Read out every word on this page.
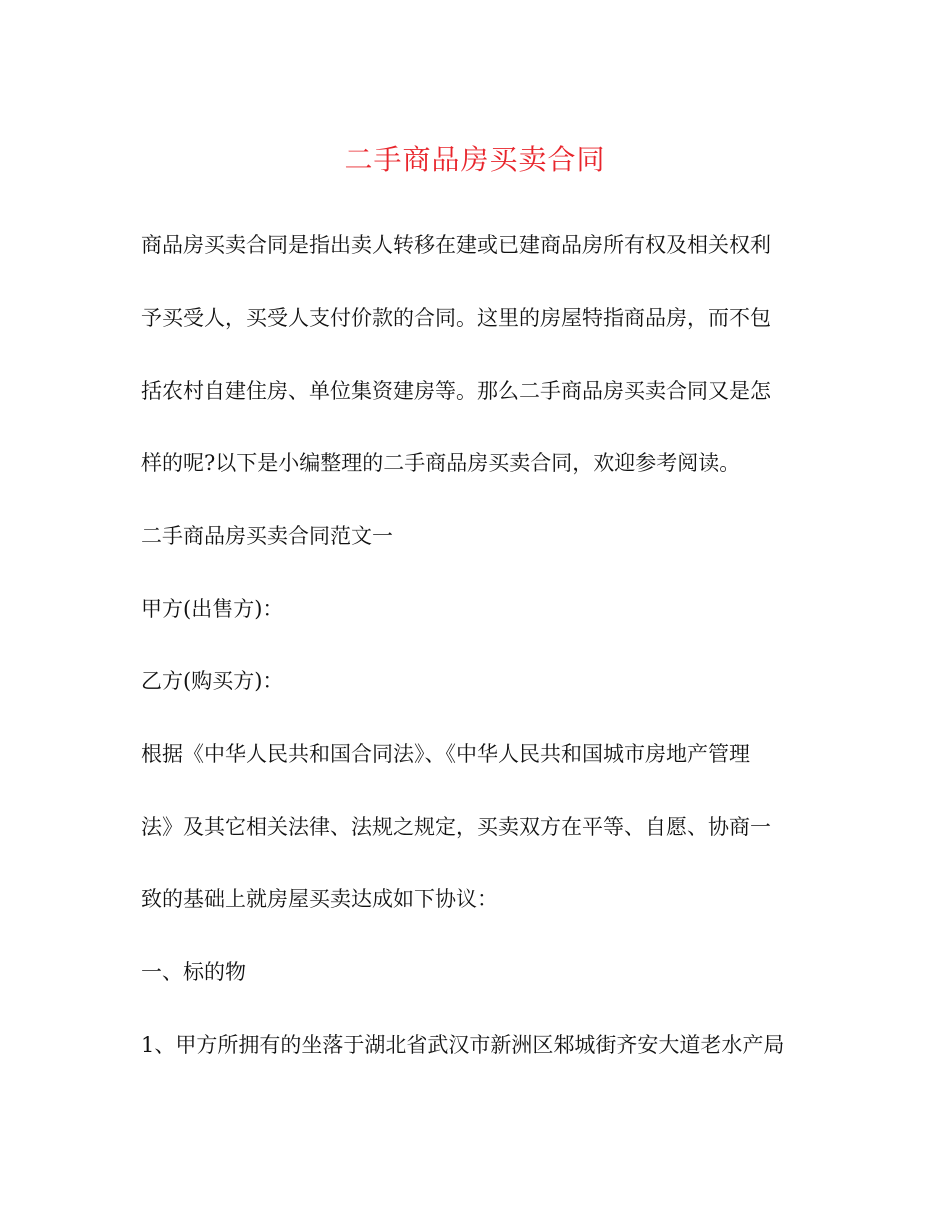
二手商品房买卖合同
商品房买卖合同是指出卖人转移在建或已建商品房所有权及相关权利
予买受人，买受人支付价款的合同。这里的房屋特指商品房，而不包
括农村自建住房、单位集资建房等。那么二手商品房买卖合同又是怎
样的呢?以下是小编整理的二手商品房买卖合同，欢迎参考阅读。
二手商品房买卖合同范文一
甲方(出售方)：
乙方(购买方)：
根据《中华人民共和国合同法》、《中华人民共和国城市房地产管理
法》及其它相关法律、法规之规定，买卖双方在平等、自愿、协商一
致的基础上就房屋买卖达成如下协议：
一、标的物
1、甲方所拥有的坐落于湖北省武汉市新洲区邾城街齐安大道老水产局
